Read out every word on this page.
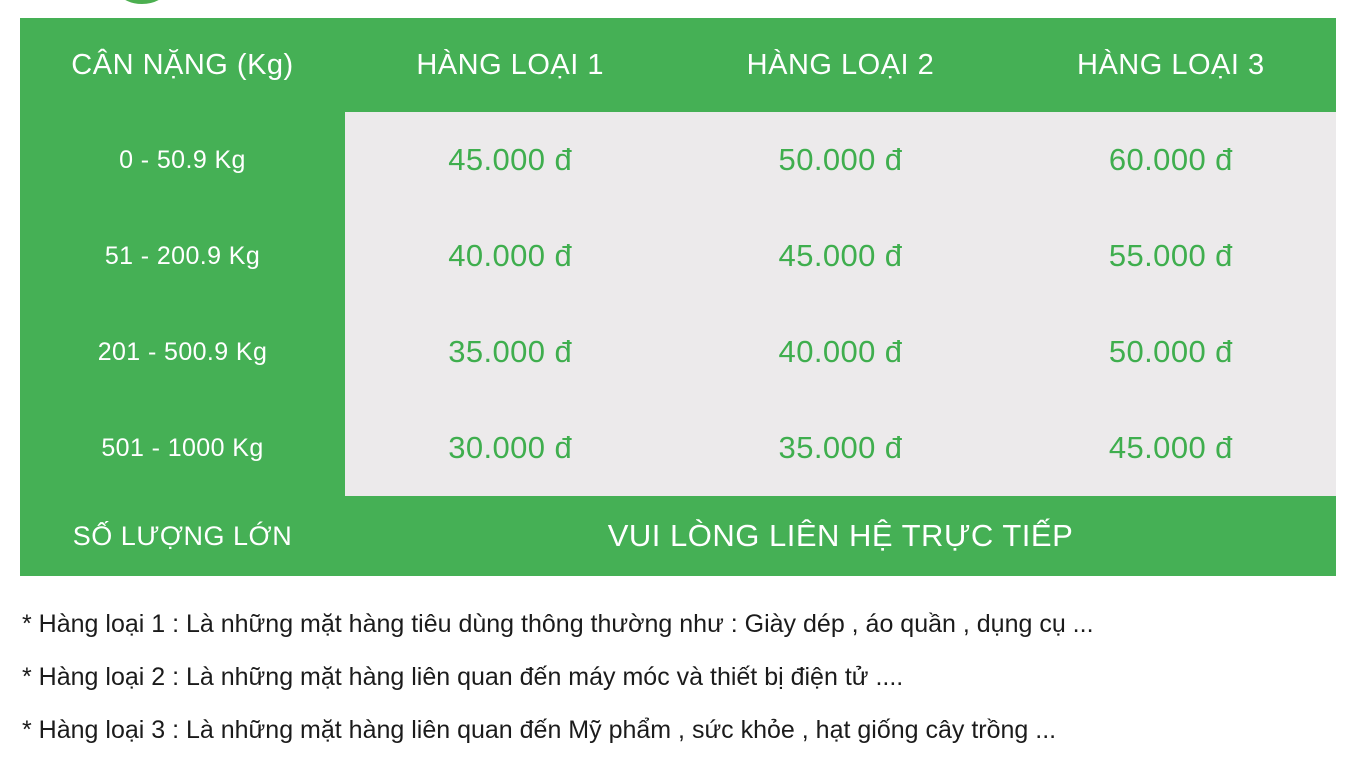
CÂN NẶNG (Kg)	HÀNG LOẠI 1	HÀNG LOẠI 2	HÀNG LOẠI 3
0 - 50.9 Kg	45.000 đ	50.000 đ	60.000 đ
51 - 200.9 Kg	40.000 đ	45.000 đ	55.000 đ
201 - 500.9 Kg	35.000 đ	40.000 đ	50.000 đ
501 - 1000 Kg	30.000 đ	35.000 đ	45.000 đ
SỐ LƯỢNG LỚN	VUI LÒNG LIÊN HỆ TRỰC TIẾP		
* Hàng loại 1 : Là những mặt hàng tiêu dùng thông thường như : Giày dép , áo quần , dụng cụ ...
* Hàng loại 2 : Là những mặt hàng liên quan đến máy móc và thiết bị điện tử ....
* Hàng loại 3 : Là những mặt hàng liên quan đến Mỹ phẩm , sức khỏe , hạt giống cây trồng ...
